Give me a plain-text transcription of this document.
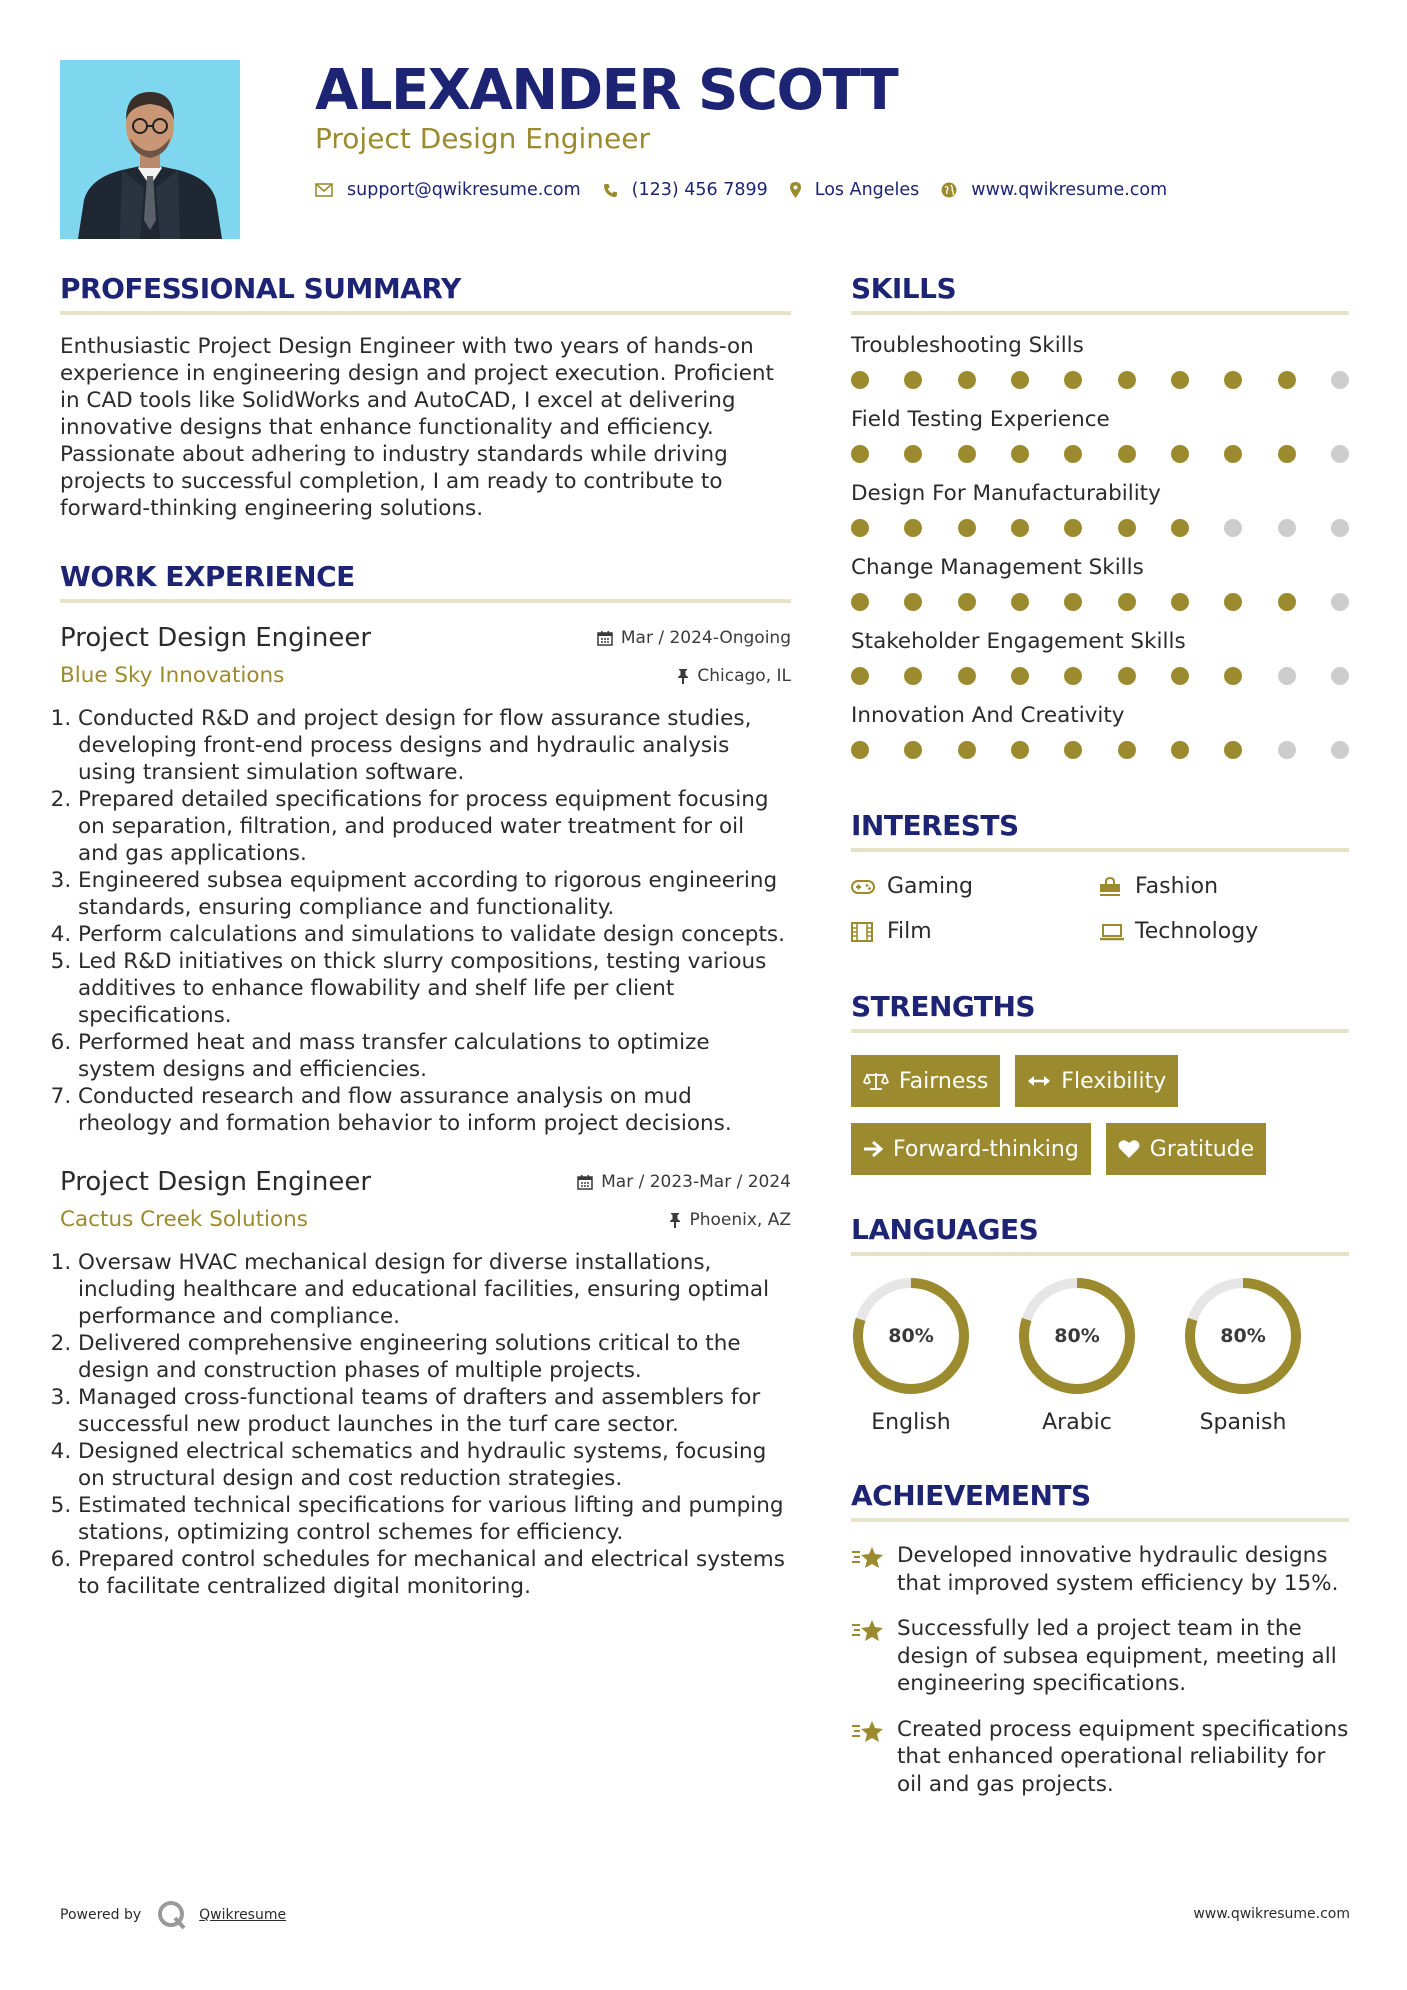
ALEXANDER SCOTT
Project Design Engineer
support@qwikresume.com	(123) 456 7899	Los Angeles	www.qwikresume.com
PROFESSIONAL SUMMARY

Enthusiastic Project Design Engineer with two years of hands-on experience in engineering design and project execution. Proficient in CAD tools like SolidWorks and AutoCAD, I excel at delivering innovative designs that enhance functionality and efficiency. Passionate about adhering to industry standards while driving projects to successful completion, I am ready to contribute to forward-thinking engineering solutions.

WORK EXPERIENCE
Project Design Engineer	Mar / 2024-Ongoing
Blue Sky Innovations	Chicago, IL
1. Conducted R&D and project design for flow assurance studies, developing front-end process designs and hydraulic analysis using transient simulation software.
2. Prepared detailed specifications for process equipment focusing on separation, filtration, and produced water treatment for oil and gas applications.
3. Engineered subsea equipment according to rigorous engineering standards, ensuring compliance and functionality.
4. Perform calculations and simulations to validate design concepts.
5. Led R&D initiatives on thick slurry compositions, testing various additives to enhance flowability and shelf life per client specifications.
6. Performed heat and mass transfer calculations to optimize system designs and efficiencies.
7. Conducted research and flow assurance analysis on mud rheology and formation behavior to inform project decisions.
Project Design Engineer	Mar / 2023-Mar / 2024
Cactus Creek Solutions	Phoenix, AZ
1. Oversaw HVAC mechanical design for diverse installations, including healthcare and educational facilities, ensuring optimal performance and compliance.
2. Delivered comprehensive engineering solutions critical to the design and construction phases of multiple projects.
3. Managed cross-functional teams of drafters and assemblers for successful new product launches in the turf care sector.
4. Designed electrical schematics and hydraulic systems, focusing on structural design and cost reduction strategies.
5. Estimated technical specifications for various lifting and pumping stations, optimizing control schemes for efficiency.
6. Prepared control schedules for mechanical and electrical systems to facilitate centralized digital monitoring.
SKILLS
Troubleshooting Skills
Field Testing Experience
Design For Manufacturability
Change Management Skills
Stakeholder Engagement Skills
Innovation And Creativity
INTERESTS
Gaming	Fashion
Film	Technology
STRENGTHS
Fairness	Flexibility
Forward-thinking	Gratitude
LANGUAGES
80%
English
80%
Arabic
80%
Spanish
ACHIEVEMENTS
Developed innovative hydraulic designs that improved system efficiency by 15%.
Successfully led a project team in the design of subsea equipment, meeting all engineering specifications.
Created process equipment specifications that enhanced operational reliability for oil and gas projects.
Powered by	Qwikresume	www.qwikresume.com
